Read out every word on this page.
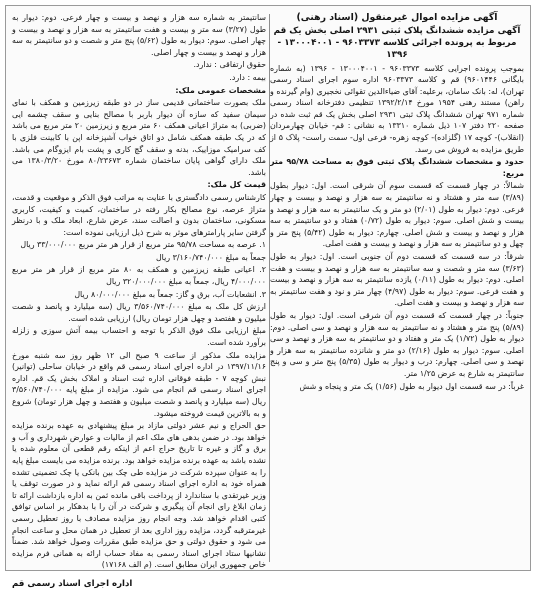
آگهی مزایده اموال غیرمنقول (اسناد رهنی)
آگهی مزایده ششدانگ پلاک ثبتی ۲۹۳۱ اصلی بخش یک قم مربوط به پرونده اجرائی کلاسه ۹۶۰۳۳۷۳ - ۱۳۰۰۰۴۰۰۱ - ۱۳۹۶

بموجب پرونده اجرایی کلاسه ۹۶۰۳۳۷۳ - ۱۳۰۰۰۴۰۰۱ - ۱۳۹۶ (به شماره بایگانی ۹۶۰۱۴۴۶) قم و کلاسه ۹۶۰۳۳۷۳ اداره سوم اجرای اسناد رسمی تهران)، له: بانک سامان، برعلیه: آقای ضیاءالدین تقوائی نخجیری (وام گیرنده و راهن) مستند رهنی ۱۹۵۴ مورخ ۱۳۹۲/۲/۱۴ تنظیمی دفترخانه اسناد رسمی شماره ۹۷۱ تهران ششدانگ پلاک ثبتی ۲۹۳۱ اصلی بخش یک قم ثبت شده در صفحه ۲۲۰ دفتر ۱۰۷ ذیل شماره ۱۳۳۱۰ به نشانی : قم- خیابان چهارمردان (انقلاب)- کوچه ۱۷ (گلزاده)- کوچه زهره- فرعی اول- سمت راست- پلاک ۵ از طریق مزایده به فروش می رسد.

حدود و مشخصات ششدانگ پلاک ثبتی فوق به مساحت ۹۵/۷۸ متر مربع:

شمالاً: در چهار قسمت که قسمت سوم آن شرقی است. اول: دیوار بطول (۳/۸۹) سه متر و هشتاد و نه سانتیمتر به سه هزار و نهصد و بیست و چهار فرعی. دوم: دیوار به طول (۲/۰۱) دو متر و یک سانتیمتر به سه هزار و نهصد و بیست و شش اصلی. سوم: دیوار به طول (۰/۷۲) هفتاد و دو سانتیمتر به سه هزار و نهصد و بیست و شش اصلی. چهارم: دیوار به طول (۵/۴۲) پنج متر و چهل و دو سانتیمتر به سه هزار و نهصد و بیست و هفت اصلی.

شرقاً: در سه قسمت که قسمت دوم آن جنوبی است. اول: دیوار به طول (۳/۶۳) سه متر و شصت و سه سانتیمتر به سه هزار و نهصد و بیست و هفت اصلی. دوم: دیوار به طول (۰/۱۱) یازده سانتیمتر به سه هزار و نهصد و بیست و هفت فرعی. سوم: دیوار به طول (۴/۹۷) چهار متر و نود و هفت سانتیمتر به سه هزار و نهصد و بیست و هفت اصلی.

جنوباً: در چهار قسمت که قسمت دوم آن شرقی است. اول: دیوار به طول (۵/۸۹) پنج متر و هشتاد و نه سانتیمتر به سه هزار و نهصد و سی اصلی. دوم: دیوار به طول (۱/۷۲) یک متر و هفتاد و دو سانتیمتر به سه هزار و نهصد و سی اصلی. سوم: دیوار به طول (۲/۱۶) دو متر و شانزده سانتیمتر به سه هزار و نهصد و سی اصلی. چهارم: درب و دیوار به طول (۵/۳۵) پنج متر و سی و پنج سانتیمتر به شارع به عرض ۱/۲۵ متر.

غرباً: در سه قسمت اول دیوار به طول (۱/۵۶) یک متر و پنجاه و شش

سانتیمتر به شماره سه هزار و نهصد و بیست و چهار فرعی. دوم: دیوار به طول (۳/۲۷) سه متر و بیست و هفت سانتیمتر به سه هزار و نهصد و بیست و چهار اصلی. سوم: دیوار به طول (۵/۶۲) پنج متر و شصت و دو سانتیمتر به سه هزار و نهصد و بیست و چهار اصلی.

حقوق ارتفاقی : ندارد.

بیمه : دارد.

مشخصات عمومی ملک:

ملک بصورت ساختمانی قدیمی ساز در دو طبقه زیرزمین و همکف با نمای سیمان سفید که سازه آن دیوار باربر با مصالح بنایی و سقف چشمه ایی (ضربی) به متراژ اعیانی همکف ۶۰ متر مربع و زیرزمین ۲۰ متر مربع می باشد که در یک طبقه همکف شامل دو اتاق خواب آشپزخانه اپن با کابینت فلزی با کف سرامیک موزاییک، بدنه و سقف گچ کاری و پشت بام ایزوگام می باشد. ملک دارای گواهی پایان ساختمان شماره ۸۰/۲۳۶۷۳ مورخ ۱۳۸۰/۳/۲۰ می باشد.

قیمت کل ملک:

کارشناس رسمی دادگستری با عنایت به مراتب فوق الذکر و موقعیت و قدمت، متراژ عرصه، نوع مصالح بکار رفته در ساختمان، کمیت و کیفیت، کاربری مسکونی، ساختمان بدون و اصالت سند، عرض شارع، ابعاد ملک و با درنظر گرفتن سایر پارامترهای موثر به شرح ذیل ارزیابی نموده است:

۱. عرصه به مساحت ۹۵/۷۸ متر مربع از قرار هر متر مربع ۳۳/۰۰۰/۰۰۰ ریال

جمعاً به مبلغ ۳/۱۶۰/۷۴۰/۰۰۰ ریال

۲. اعیانی طبقه زیرزمین و همکف به ۸۰ متر مربع از قرار هر متر مربع ۴/۰۰۰/۰۰۰ ریال، جمعاً به مبلغ ۳۲۰/۰۰۰/۰۰۰ ریال

۳. انشعابات آب، برق و گاز: جمعاً به مبلغ ۸۰/۰۰۰/۰۰۰ ریال

ارزش کل ملک به مبلغ ۳/۵۶۰/۷۴۰/۰۰۰ ریال (سه میلیارد و پانصد و شصت میلیون و هفتصد و چهل هزار تومان ریال) ارزیابی شده است.

مبلغ ارزیابی ملک فوق الذکر با توجه و احتساب بیمه آتش سوزی و زلزله برآورد شده است.

مزایده ملک مذکور از ساعت ۹ صبح الی ۱۲ ظهر روز سه شنبه مورخ ۱۳۹۷/۱۱/۱۶ در اداره اجرای اسناد رسمی قم واقع در خیابان ساحلی (توانیر) نبش کوچه ۷ - طبقه فوقانی اداره ثبت اسناد و املاک بخش یک قم. اداره اجرای اسناد رسمی قم انجام می شود. مزایده از مبلغ پایه ۳/۵۶۰/۷۴۰/۰۰۰ ریال (سه میلیارد و پانصد و شصت میلیون و هفتصد و چهل هزار تومان) شروع و به بالاترین قیمت فروخته میشود.

حق الحراج و نیم عشر دولتی مازاد بر مبلغ پیشنهادی به عهده برنده مزایده خواهد بود. در ضمن بدهی های ملک اعم از مالیات و عوارض شهرداری و آب و برق و گاز و غیره تا تاریخ حراج اعم از اینکه رقم قطعی آن معلوم شده یا نشده باشد به عهده برنده مزایده خواهد بود. برنده مزایده می بایست مبلغ پایه را به عنوان سپرده شرکت در مزایده طی چک بین بانکی یا چک تضمینی تشده همراه خود به اداره اجرای اسناد رسمی قم ارائه نماید و در صورت توقف یا وزیر غیرتقدی با ستاندارد از پرداخت باقی مانده ثمن به اداره بازداشت ارائه تا زمان ابلاغ رای انجام آن پیگیری و شرکت در آن را با بدهکار بر اساس توافق کتبی اقدام خواهد شد. وجه انجام روز مزایده مصادف با روز تعطیل رسمی غیرمترقبه گردد، مزایده روز اداری بعد از تعطیل در همان محل و ساعت انجام می شود و حقوق دولتی و حق مزایده طبق مقررات وصول خواهد شد. ضمناً نشانیها ستاد اجرای اسناد رسمی به مفاد حساب ارائه به همانی فرم مزایده خاص جمهوری ایران مطابق است. (م الف ۱۷۱۶۸)

اداره اجرای اسناد رسمی قم
